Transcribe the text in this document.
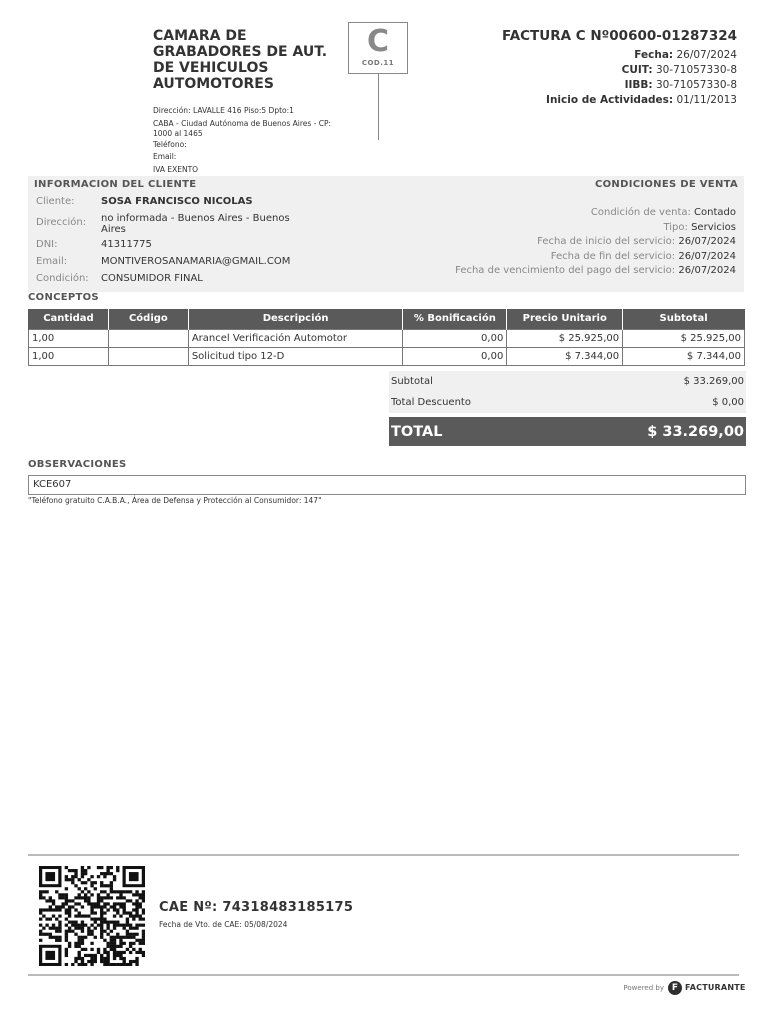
CAMARA DE GRABADORES DE AUT. DE VEHICULOS AUTOMOTORES
Dirección: LAVALLE 416 Piso:5 Dpto:1
CABA - Ciudad Autónoma de Buenos Aires - CP: 1000 al 1465
Teléfono:
Email:
IVA EXENTO
C
COD.11
FACTURA C Nº00600-01287324
Fecha: 26/07/2024
CUIT: 30-71057330-8
IIBB: 30-71057330-8
Inicio de Actividades: 01/11/2013
INFORMACION DEL CLIENTE	CONDICIONES DE VENTA
Cliente:	SOSA FRANCISCO NICOLAS
Dirección: no informada - Buenos Aires - Buenos Aires
DNI:	41311775
Email:	MONTIVEROSANAMARIA@GMAIL.COM
Condición: CONSUMIDOR FINAL
Condición de venta: Contado
Tipo: Servicios
Fecha de inicio del servicio: 26/07/2024
Fecha de fin del servicio: 26/07/2024
Fecha de vencimiento del pago del servicio: 26/07/2024
CONCEPTOS
Cantidad	Código	Descripción	% Bonificación	Precio Unitario	Subtotal
1,00		Arancel Verificación Automotor	0,00	$ 25.925,00	$ 25.925,00
1,00		Solicitud tipo 12-D	0,00	$ 7.344,00	$ 7.344,00
Subtotal	$ 33.269,00
Total Descuento	$ 0,00
TOTAL	$ 33.269,00
OBSERVACIONES
KCE607
"Teléfono gratuito C.A.B.A., Área de Defensa y Protección al Consumidor: 147"
CAE Nº: 74318483185175
Fecha de Vto. de CAE: 05/08/2024
Powered by F FACTURANTE
